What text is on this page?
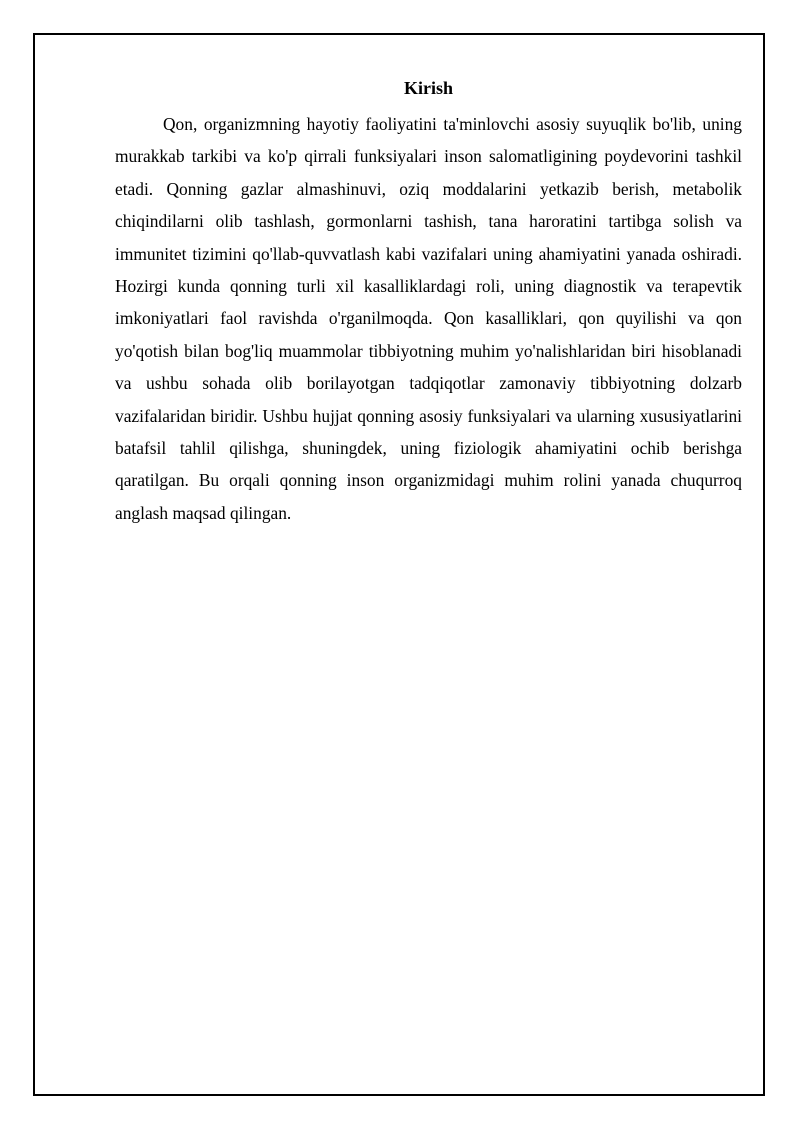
Kirish

Qon, organizmning hayotiy faoliyatini ta'minlovchi asosiy suyuqlik bo'lib, uning murakkab tarkibi va ko'p qirrali funksiyalari inson salomatligining poydevorini tashkil etadi. Qonning gazlar almashinuvi, oziq moddalarini yetkazib berish, metabolik chiqindilarni olib tashlash, gormonlarni tashish, tana haroratini tartibga solish va immunitet tizimini qo'llab-quvvatlash kabi vazifalari uning ahamiyatini yanada oshiradi. Hozirgi kunda qonning turli xil kasalliklardagi roli, uning diagnostik va terapevtik imkoniyatlari faol ravishda o'rganilmoqda. Qon kasalliklari, qon quyilishi va qon yo'qotish bilan bog'liq muammolar tibbiyotning muhim yo'nalishlaridan biri hisoblanadi va ushbu sohada olib borilayotgan tadqiqotlar zamonaviy tibbiyotning dolzarb vazifalaridan biridir. Ushbu hujjat qonning asosiy funksiyalari va ularning xususiyatlarini batafsil tahlil qilishga, shuningdek, uning fiziologik ahamiyatini ochib berishga qaratilgan. Bu orqali qonning inson organizmidagi muhim rolini yanada chuqurroq anglash maqsad qilingan.
